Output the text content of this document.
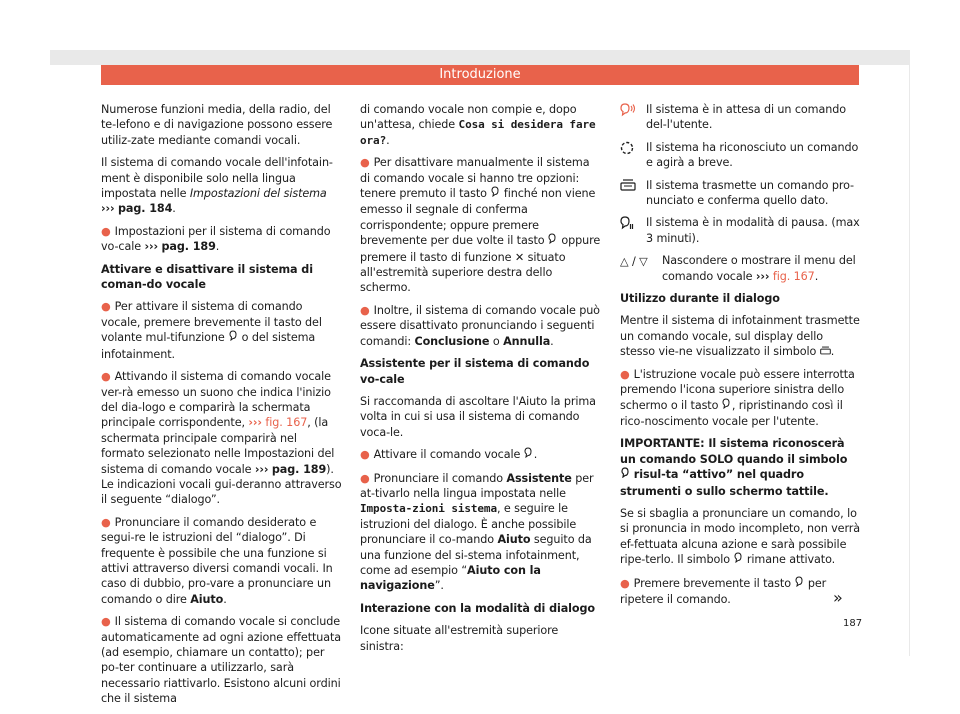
Introduzione

Numerose funzioni media, della radio, del te-lefono e di navigazione possono essere utiliz-zate mediante comandi vocali.

Il sistema di comando vocale dell'infotain-ment è disponibile solo nella lingua impostata nelle Impostazioni del sistema ››› pag. 184.

● Impostazioni per il sistema di comando vo-cale ››› pag. 189.

Attivare e disattivare il sistema di coman-do vocale

● Per attivare il sistema di comando vocale, premere brevemente il tasto del volante mul-tifunzione o del sistema infotainment.

● Attivando il sistema di comando vocale ver-rà emesso un suono che indica l'inizio del dia-logo e comparirà la schermata principale corrispondente, ››› fig. 167, (la schermata principale comparirà nel formato selezionato nelle Impostazioni del sistema di comando vocale ››› pag. 189). Le indicazioni vocali gui-deranno attraverso il seguente “dialogo”.

● Pronunciare il comando desiderato e segui-re le istruzioni del “dialogo”. Di frequente è possibile che una funzione si attivi attraverso diversi comandi vocali. In caso di dubbio, pro-vare a pronunciare un comando o dire Aiuto.

● Il sistema di comando vocale si conclude automaticamente ad ogni azione effettuata (ad esempio, chiamare un contatto); per po-ter continuare a utilizzarlo, sarà necessario riattivarlo. Esistono alcuni ordini che il sistema

di comando vocale non compie e, dopo un'attesa, chiede Cosa si desidera fare ora?.

● Per disattivare manualmente il sistema di comando vocale si hanno tre opzioni: tenere premuto il tasto finché non viene emesso il segnale di conferma corrispondente; oppure premere brevemente per due volte il tasto oppure premere il tasto di funzione ✕ situato all'estremità superiore destra dello schermo.

● Inoltre, il sistema di comando vocale può essere disattivato pronunciando i seguenti comandi: Conclusione o Annulla.

Assistente per il sistema di comando vo-cale

Si raccomanda di ascoltare l'Aiuto la prima volta in cui si usa il sistema di comando voca-le.

● Attivare il comando vocale .

● Pronunciare il comando Assistente per at-tivarlo nella lingua impostata nelle Imposta-zioni sistema, e seguire le istruzioni del dialogo. È anche possibile pronunciare il co-mando Aiuto seguito da una funzione del si-stema infotainment, come ad esempio “Aiuto con la navigazione”.

Interazione con la modalità di dialogo

Icone situate all'estremità superiore sinistra:

Il sistema è in attesa di un comando del-l'utente.
Il sistema ha riconosciuto un comando e agirà a breve.
Il sistema trasmette un comando pro-nunciato e conferma quello dato.
Il sistema è in modalità di pausa. (max 3 minuti).
△ / ▽	Nascondere o mostrare il menu del comando vocale ››› fig. 167.

Utilizzo durante il dialogo

Mentre il sistema di infotainment trasmette un comando vocale, sul display dello stesso vie-ne visualizzato il simbolo .

● L'istruzione vocale può essere interrotta premendo l'icona superiore sinistra dello schermo o il tasto , ripristinando così il rico-noscimento vocale per l'utente.

IMPORTANTE: Il sistema riconoscerà un comando SOLO quando il simbolo  risul-ta “attivo” nel quadro strumenti o sullo schermo tattile.

Se si sbaglia a pronunciare un comando, lo si pronuncia in modo incompleto, non verrà ef-fettuata alcuna azione e sarà possibile ripe-terlo. Il simbolo rimane attivato.

● Premere brevemente il tasto per ripetere il comando.	»
187
